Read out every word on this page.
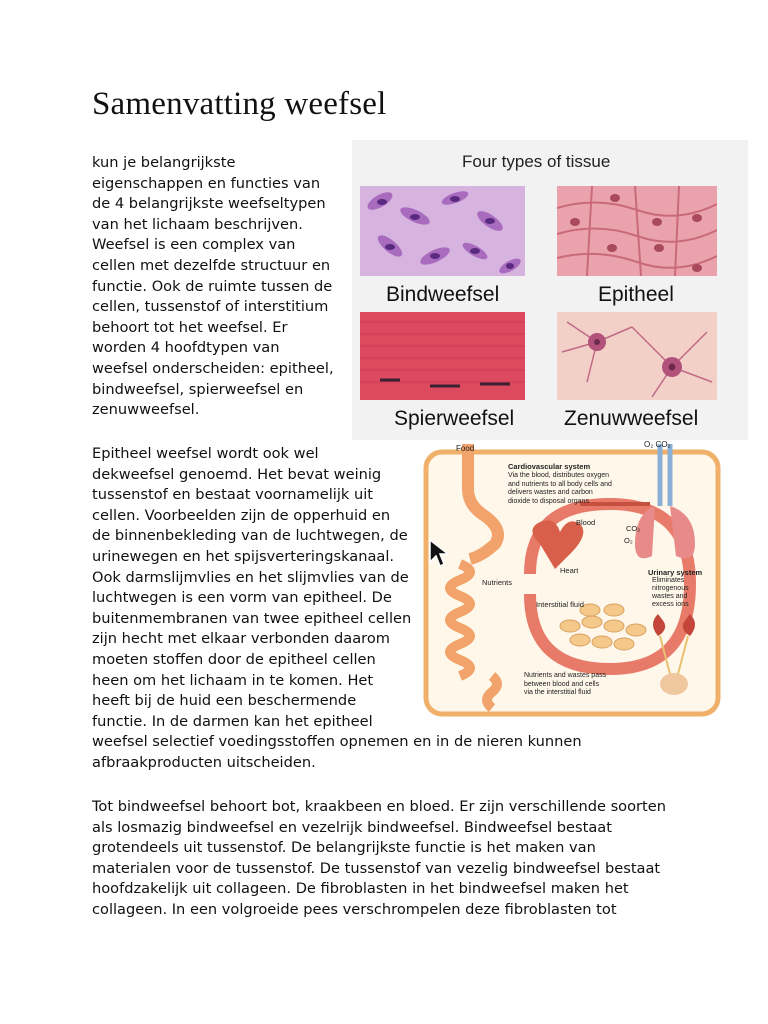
Samenvatting weefsel
kun je belangrijkste
eigenschappen en functies van
de 4 belangrijkste weefseltypen
van het lichaam beschrijven.
Weefsel is een complex van
cellen met dezelfde structuur en
functie. Ook de ruimte tussen de
cellen, tussenstof of interstitium
behoort tot het weefsel. Er
worden 4 hoofdtypen van
weefsel onderscheiden: epitheel,
bindweefsel, spierweefsel en
zenuwweefsel.
Epitheel weefsel wordt ook wel
dekweefsel genoemd. Het bevat weinig
tussenstof en bestaat voornamelijk uit
cellen. Voorbeelden zijn de opperhuid en
de binnenbekleding van de luchtwegen, de
urinewegen en het spijsverteringskanaal.
Ook darmslijmvlies en het slijmvlies van de
luchtwegen is een vorm van epitheel. De
buitenmembranen van twee epitheel cellen
zijn hecht met elkaar verbonden daarom
moeten stoffen door de epitheel cellen
heen om het lichaam in te komen. Het
heeft bij de huid een beschermende
functie. In de darmen kan het epitheel
weefsel selectief voedingsstoffen opnemen en in de nieren kunnen
afbraakproducten uitscheiden.
Tot bindweefsel behoort bot, kraakbeen en bloed. Er zijn verschillende soorten
als losmazig bindweefsel en vezelrijk bindweefsel. Bindweefsel bestaat
grotendeels uit tussenstof. De belangrijkste functie is het maken van
materialen voor de tussenstof. De tussenstof van vezelig bindweefsel bestaat
hoofdzakelijk uit collageen. De fibroblasten in het bindweefsel maken het
collageen. In een volgroeide pees verschrompelen deze fibroblasten tot
Four types of tissue
Bindweefsel	Epitheel
Spierweefsel Zenuwweefsel
Food	O₂ CO₂
Cardiovascular system
Via the blood, distributes oxygen
and nutrients to all body cells and
delivers wastes and carbon
dioxide to disposal organs
Blood
CO₂
O₂
Heart
Nutrients
Interstitial fluid
Urinary system
Eliminates
nitrogenous
wastes and
excess ions
Nutrients and wastes pass
between blood and cells
via the interstitial fluid
